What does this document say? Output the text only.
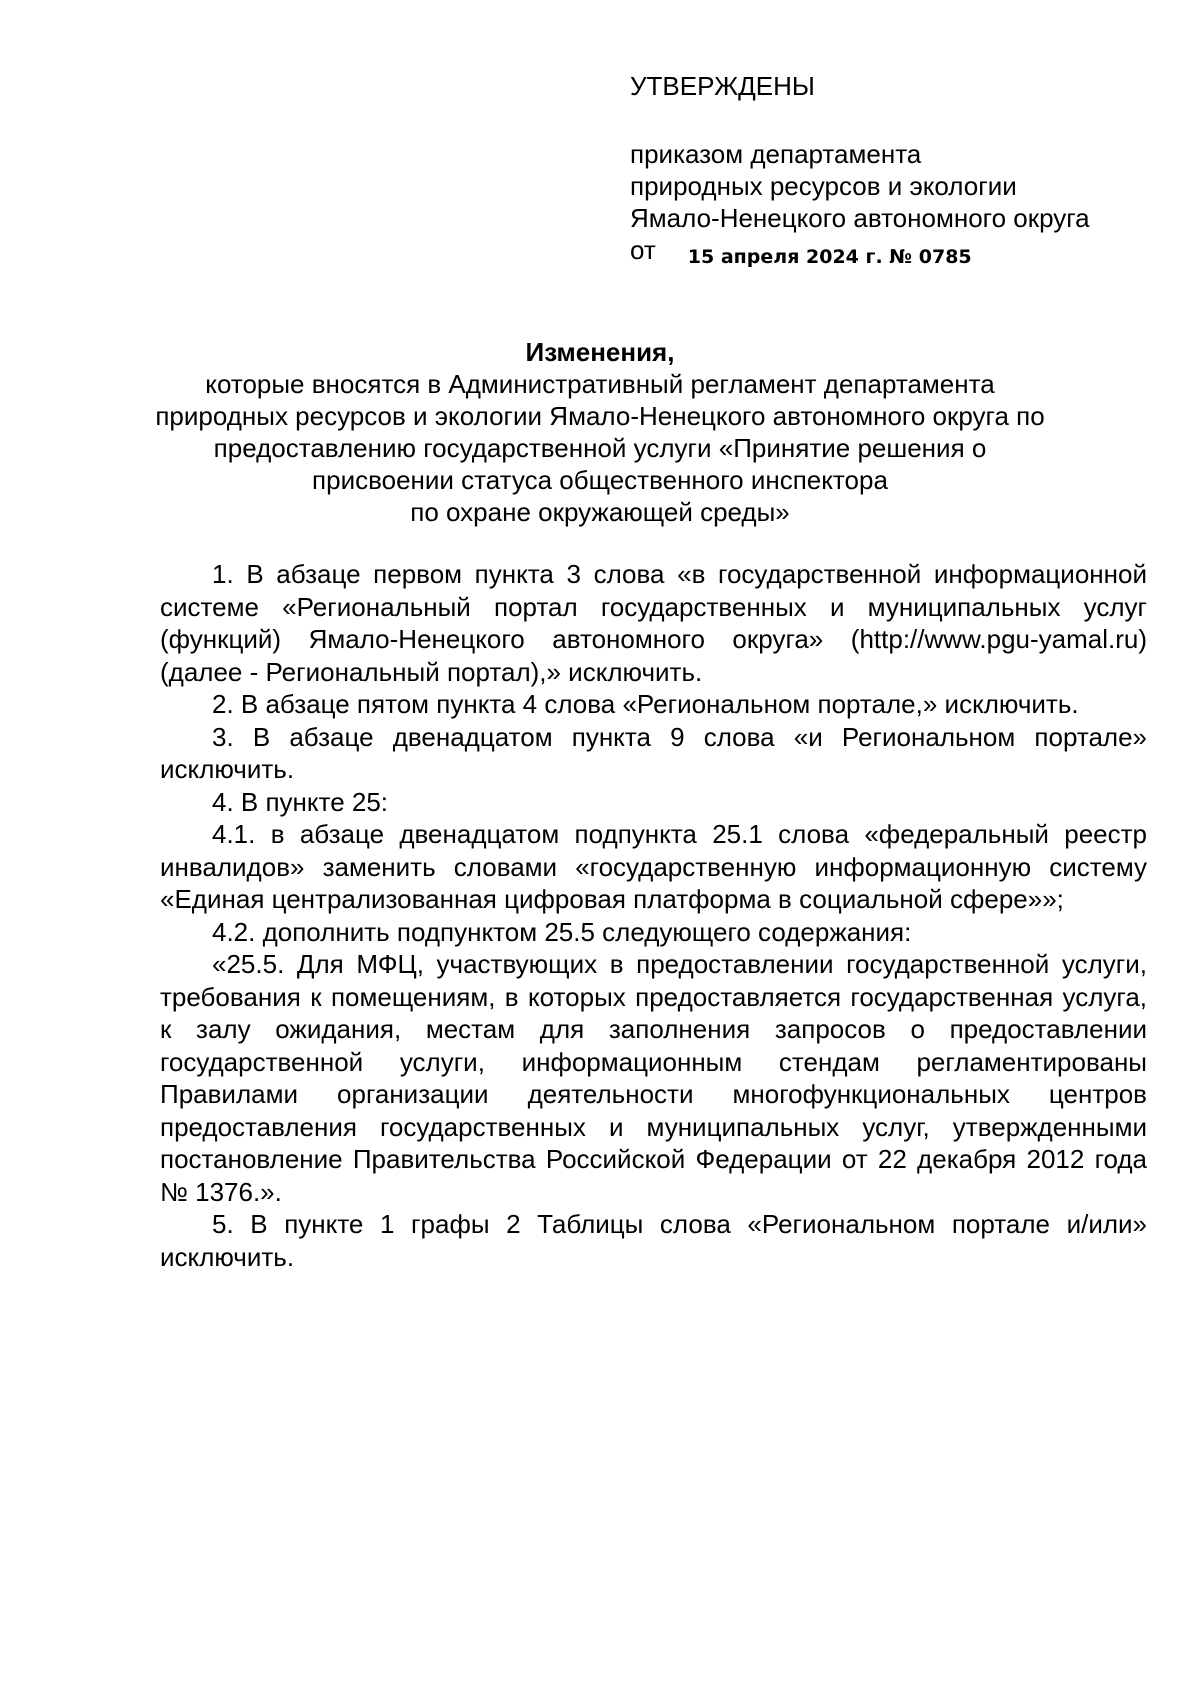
УТВЕРЖДЕНЫ

приказом департамента

природных ресурсов и экологии

Ямало-Ненецкого автономного округа

от 15 апреля 2024 г. № 0785

Изменения,

которые вносятся в Административный регламент департамента

природных ресурсов и экологии Ямало-Ненецкого автономного округа по

предоставлению государственной услуги «Принятие решения о

присвоении статуса общественного инспектора

по охране окружающей среды»

1. В абзаце первом пункта 3 слова «в государственной информационной системе «Региональный портал государственных и муниципальных услуг (функций) Ямало-Ненецкого автономного округа» (http://www.pgu-yamal.ru) (далее - Региональный портал),» исключить.

2. В абзаце пятом пункта 4 слова «Региональном портале,» исключить.

3. В абзаце двенадцатом пункта 9 слова «и Региональном портале» исключить.

4. В пункте 25:

4.1. в абзаце двенадцатом подпункта 25.1 слова «федеральный реестр инвалидов» заменить словами «государственную информационную систему «Единая централизованная цифровая платформа в социальной сфере»»;

4.2. дополнить подпунктом 25.5 следующего содержания:

«25.5. Для МФЦ, участвующих в предоставлении государственной услуги, требования к помещениям, в которых предоставляется государственная услуга, к залу ожидания, местам для заполнения запросов о предоставлении государственной услуги, информационным стендам регламентированы Правилами организации деятельности многофункциональных центров предоставления государственных и муниципальных услуг, утвержденными постановление Правительства Российской Федерации от 22 декабря 2012 года № 1376.».

5. В пункте 1 графы 2 Таблицы слова «Региональном портале и/или» исключить.
